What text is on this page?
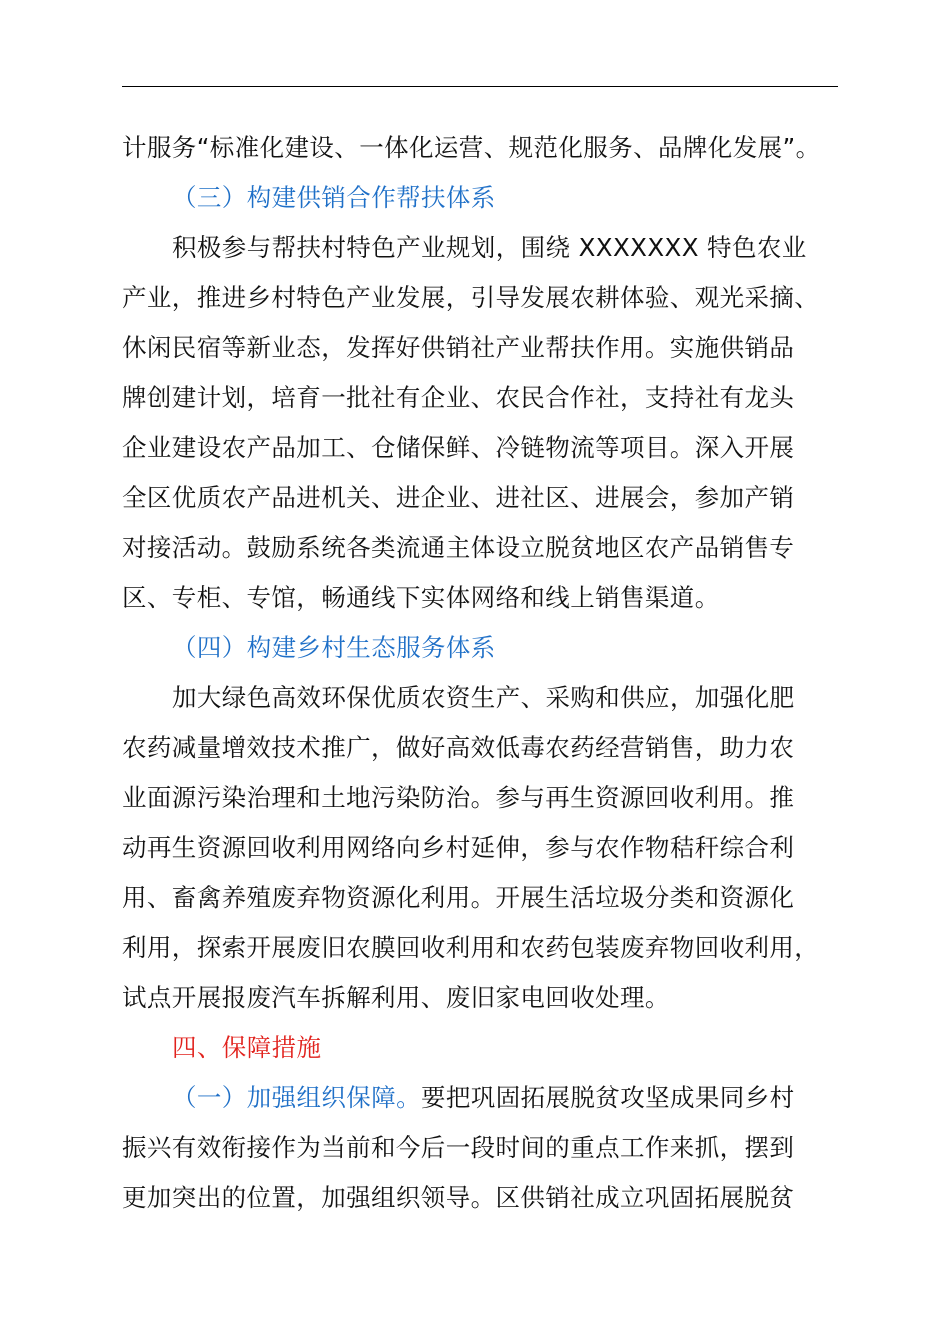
计服务“标准化建设、一体化运营、规范化服务、品牌化发展”。
（三）构建供销合作帮扶体系
积极参与帮扶村特色产业规划，围绕 XXXXXXX 特色农业
产业，推进乡村特色产业发展，引导发展农耕体验、观光采摘、
休闲民宿等新业态，发挥好供销社产业帮扶作用。实施供销品
牌创建计划，培育一批社有企业、农民合作社，支持社有龙头
企业建设农产品加工、仓储保鲜、冷链物流等项目。深入开展
全区优质农产品进机关、进企业、进社区、进展会，参加产销
对接活动。鼓励系统各类流通主体设立脱贫地区农产品销售专
区、专柜、专馆，畅通线下实体网络和线上销售渠道。
（四）构建乡村生态服务体系
加大绿色高效环保优质农资生产、采购和供应，加强化肥
农药减量增效技术推广，做好高效低毒农药经营销售，助力农
业面源污染治理和土地污染防治。参与再生资源回收利用。推
动再生资源回收利用网络向乡村延伸，参与农作物秸秆综合利
用、畜禽养殖废弃物资源化利用。开展生活垃圾分类和资源化
利用，探索开展废旧农膜回收利用和农药包装废弃物回收利用，
试点开展报废汽车拆解利用、废旧家电回收处理。
四、保障措施
（一）加强组织保障。要把巩固拓展脱贫攻坚成果同乡村
振兴有效衔接作为当前和今后一段时间的重点工作来抓，摆到
更加突出的位置，加强组织领导。区供销社成立巩固拓展脱贫
